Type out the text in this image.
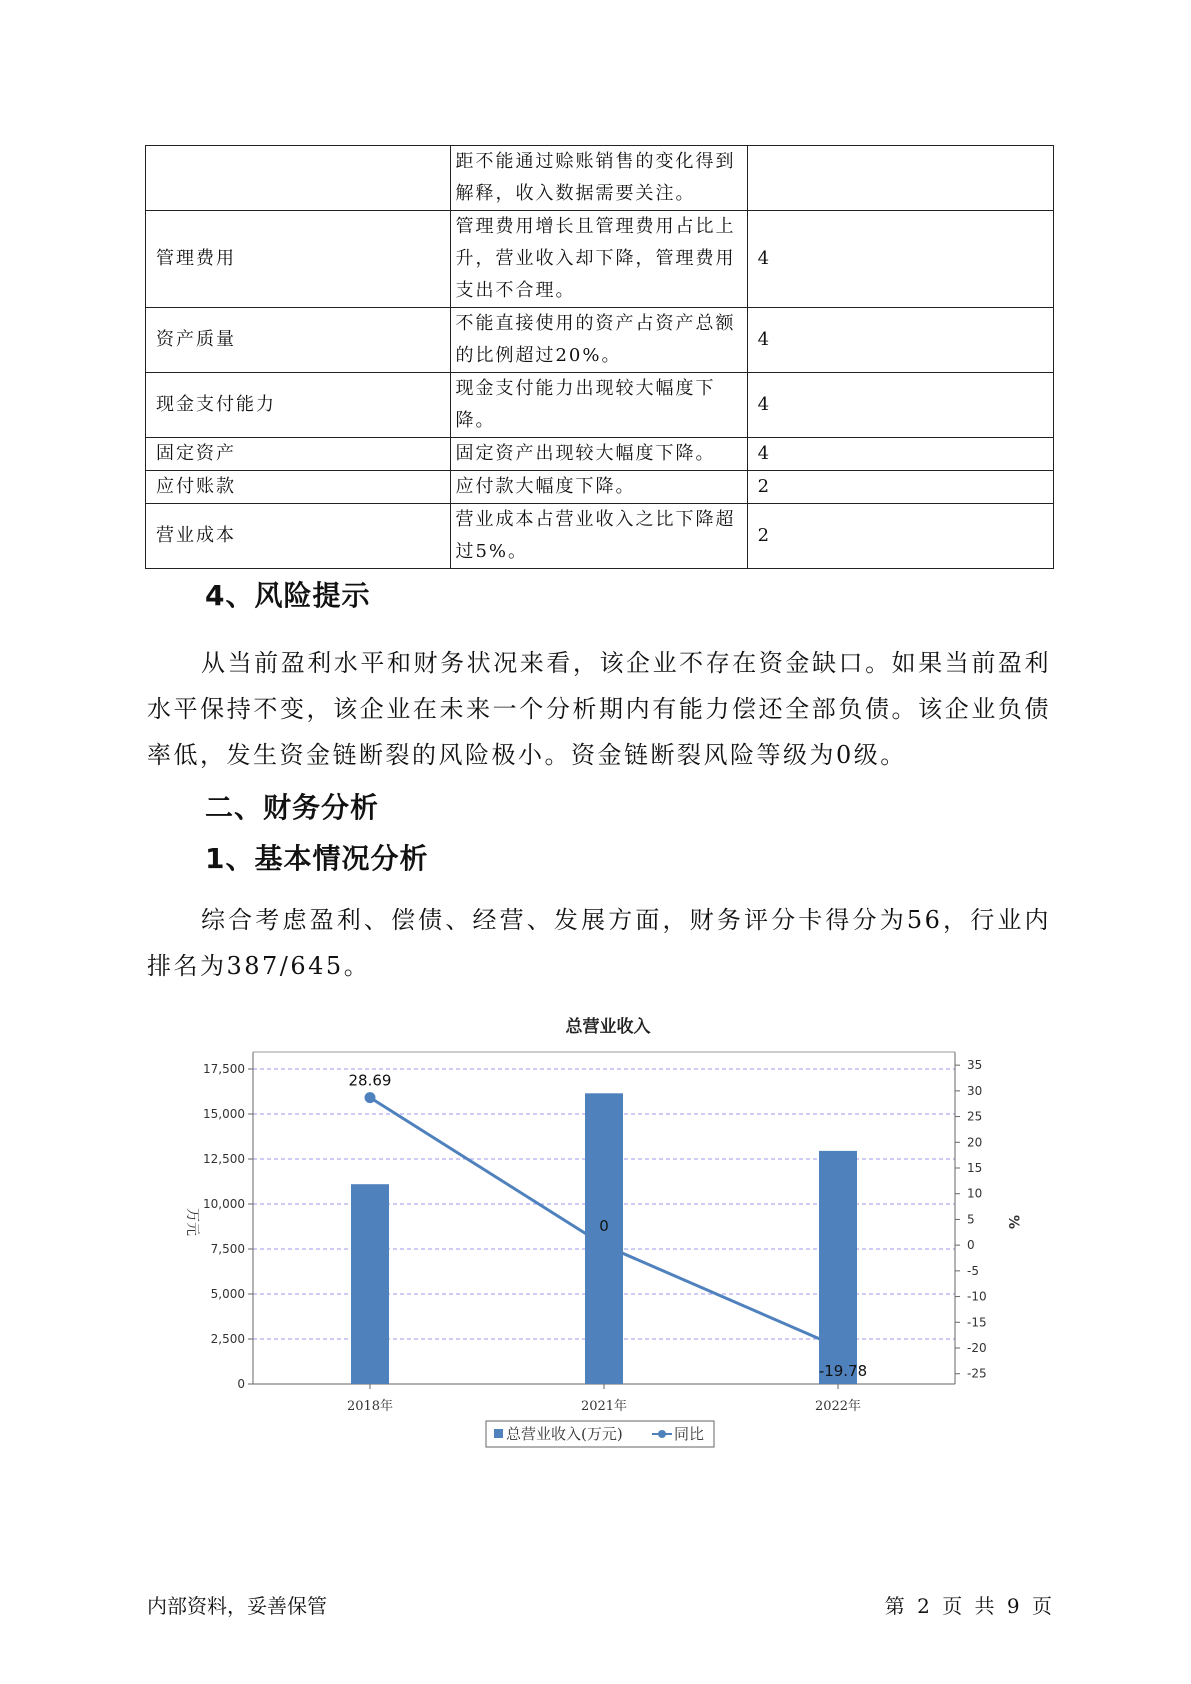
	距不能通过赊账销售的变化得到解释，收入数据需要关注。	
管理费用	管理费用增长且管理费用占比上升，营业收入却下降，管理费用支出不合理。	4
资产质量	不能直接使用的资产占资产总额的比例超过20%。	4
现金支付能力	现金支付能力出现较大幅度下降。	4
固定资产	固定资产出现较大幅度下降。	4
应付账款	应付款大幅度下降。	2
营业成本	营业成本占营业收入之比下降超过5%。	2
4、风险提示
从当前盈利水平和财务状况来看，该企业不存在资金缺口。如果当前盈利水平保持不变，该企业在未来一个分析期内有能力偿还全部负债。该企业负债率低，发生资金链断裂的风险极小。资金链断裂风险等级为0级。
二、财务分析
1、基本情况分析
综合考虑盈利、偿债、经营、发展方面，财务评分卡得分为56，行业内排名为387/645。
总营业收入
0
2,500
5,000
7,500
10,000
12,500
15,000
17,500	35
30
25
20
15
10
5
0
-5
-10
-15
-20
-25
万元	%
2018年	2021年	2022年
28.69
0
-19.78
总营业收入(万元)	同比
内部资料，妥善保管	第 2 页 共 9 页
